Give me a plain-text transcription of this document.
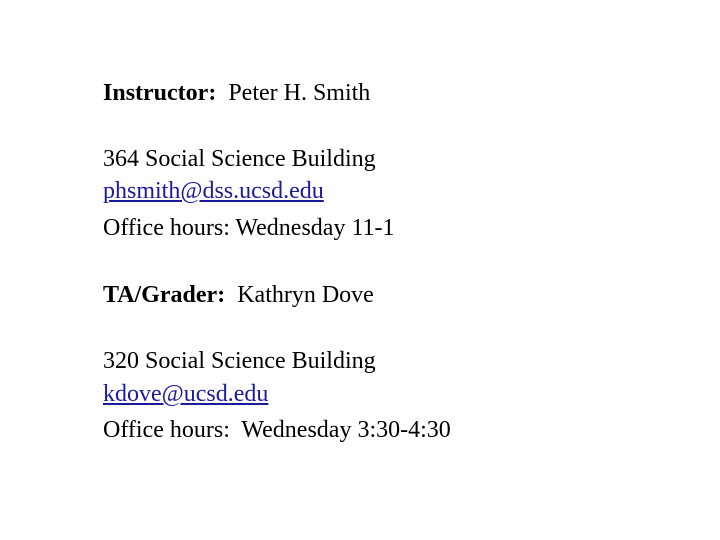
Instructor: Peter H. Smith
364 Social Science Building
phsmith@dss.ucsd.edu
Office hours: Wednesday 11-1
TA/Grader: Kathryn Dove
320 Social Science Building
kdove@ucsd.edu
Office hours:  Wednesday 3:30-4:30
